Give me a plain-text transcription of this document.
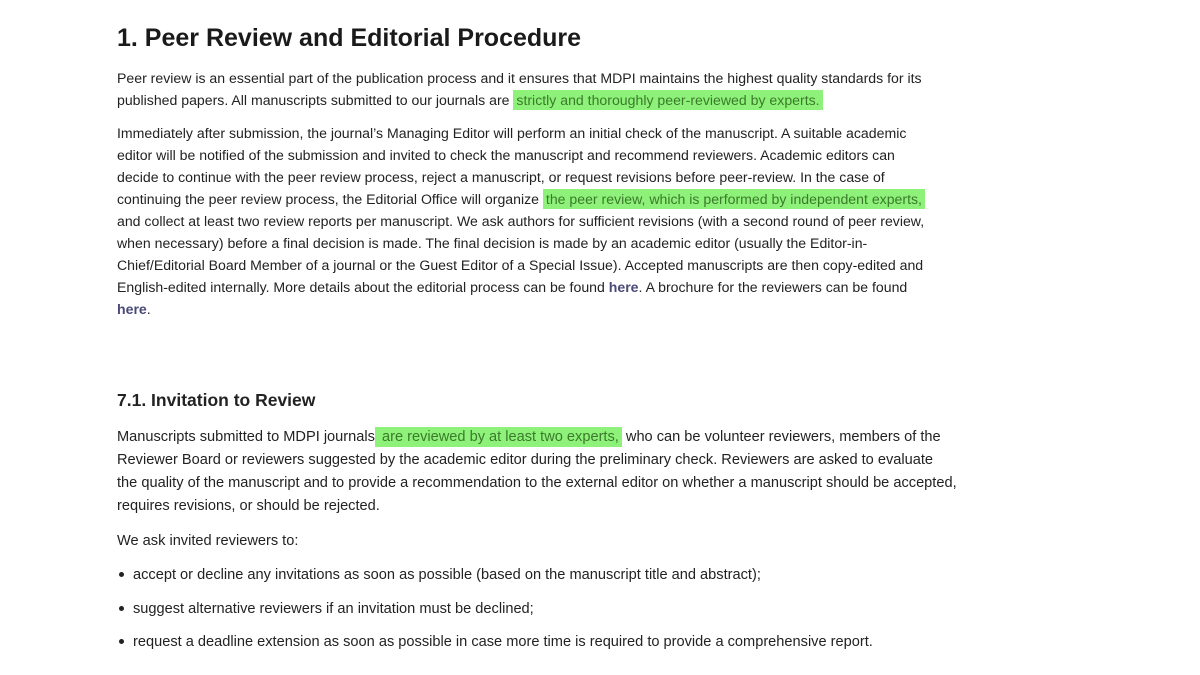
1. Peer Review and Editorial Procedure
Peer review is an essential part of the publication process and it ensures that MDPI maintains the highest quality standards for its
published papers. All manuscripts submitted to our journals are strictly and thoroughly peer-reviewed by experts.
Immediately after submission, the journal’s Managing Editor will perform an initial check of the manuscript. A suitable academic
editor will be notified of the submission and invited to check the manuscript and recommend reviewers. Academic editors can
decide to continue with the peer review process, reject a manuscript, or request revisions before peer-review. In the case of
continuing the peer review process, the Editorial Office will organize the peer review, which is performed by independent experts,
and collect at least two review reports per manuscript. We ask authors for sufficient revisions (with a second round of peer review,
when necessary) before a final decision is made. The final decision is made by an academic editor (usually the Editor-in-
Chief/Editorial Board Member of a journal or the Guest Editor of a Special Issue). Accepted manuscripts are then copy-edited and
English-edited internally. More details about the editorial process can be found here. A brochure for the reviewers can be found
here.
7.1. Invitation to Review
Manuscripts submitted to MDPI journals are reviewed by at least two experts, who can be volunteer reviewers, members of the
Reviewer Board or reviewers suggested by the academic editor during the preliminary check. Reviewers are asked to evaluate
the quality of the manuscript and to provide a recommendation to the external editor on whether a manuscript should be accepted,
requires revisions, or should be rejected.
We ask invited reviewers to:
accept or decline any invitations as soon as possible (based on the manuscript title and abstract);
suggest alternative reviewers if an invitation must be declined;
request a deadline extension as soon as possible in case more time is required to provide a comprehensive report.
